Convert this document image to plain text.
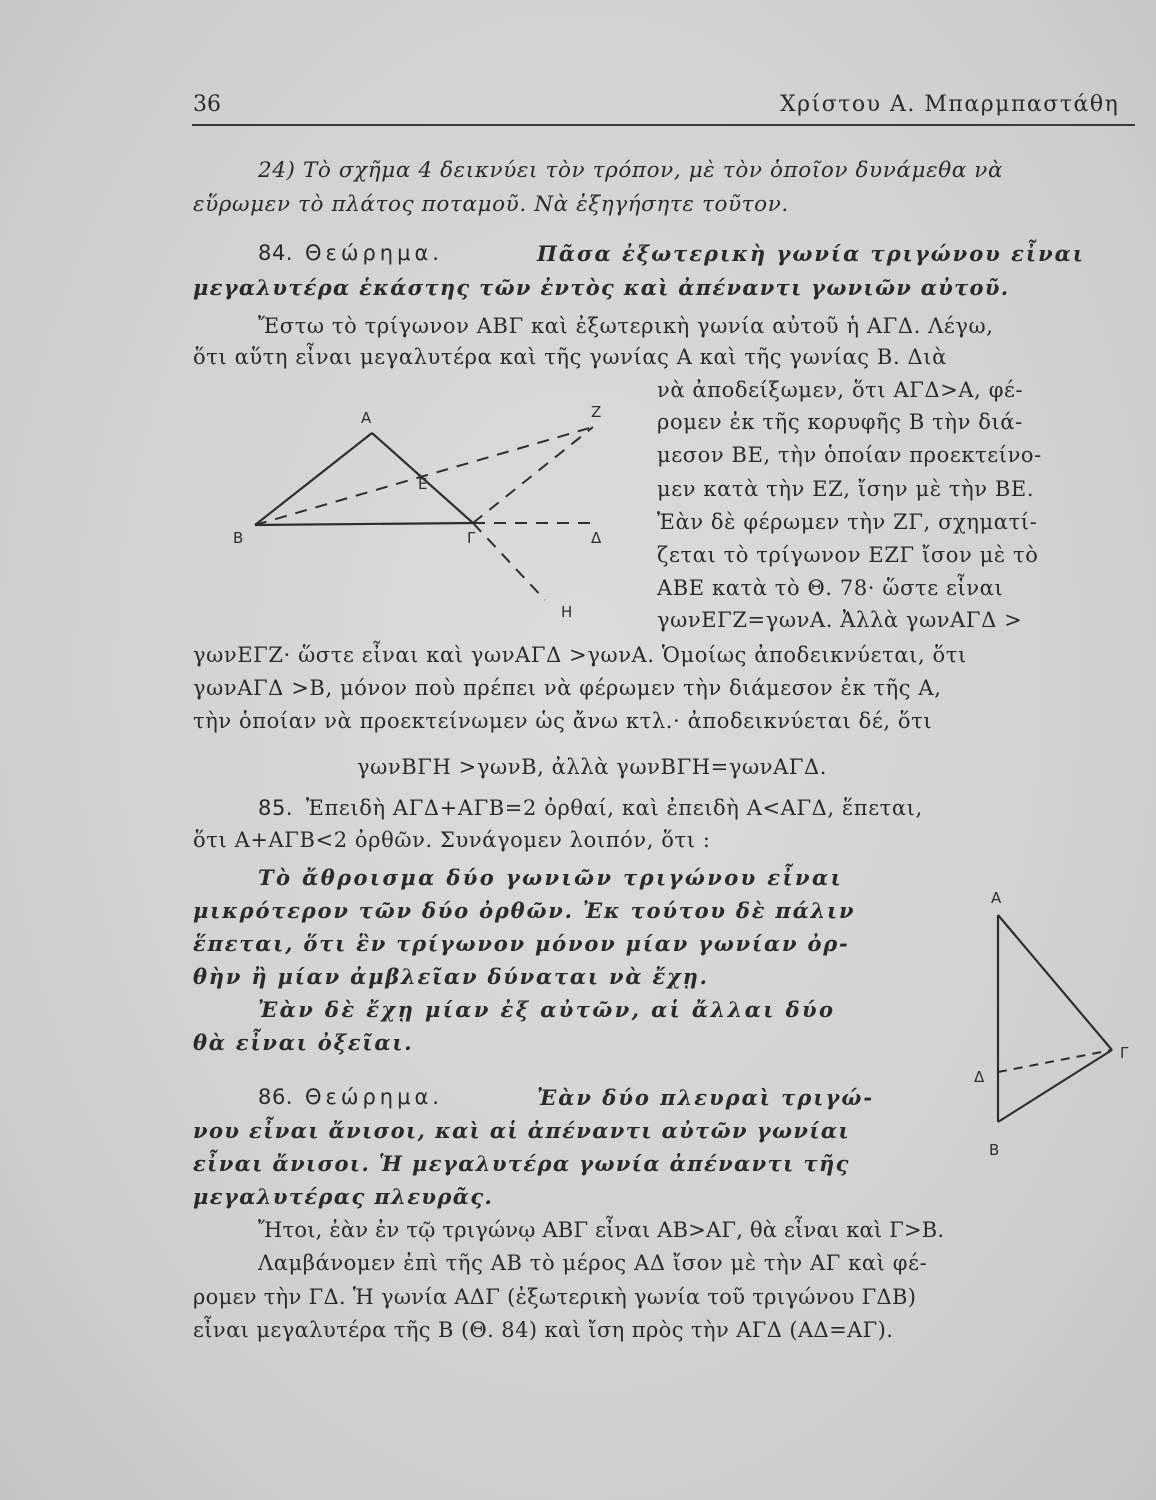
36	Χρίστου Α. Μπαρμπαστάθη
24) Τὸ σχῆμα 4 δεικνύει τὸν τρόπον, μὲ τὸν ὁποῖον δυνάμεθα νὰ
εὕρωμεν τὸ πλάτος ποταμοῦ. Νὰ ἐξηγήσητε τοῦτον.
84. Θεώρημα.	Πᾶσα ἐξωτερικὴ γωνία τριγώνου εἶναι
μεγαλυτέρα ἑκάστης τῶν ἐντὸς καὶ ἀπέναντι γωνιῶν αὐτοῦ.
Ἔστω τὸ τρίγωνον ΑΒΓ καὶ ἐξωτερικὴ γωνία αὐτοῦ ἡ ΑΓΔ. Λέγω,
ὅτι αὕτη εἶναι μεγαλυτέρα καὶ τῆς γωνίας Α καὶ τῆς γωνίας Β. Διὰ
νὰ ἀποδείξωμεν, ὅτι ΑΓΔ>Α, φέ-
ρομεν ἐκ τῆς κορυφῆς Β τὴν διά-
μεσον ΒΕ, τὴν ὁποίαν προεκτείνο-
μεν κατὰ τὴν ΕΖ, ἴσην μὲ τὴν ΒΕ.
Ἐὰν δὲ φέρωμεν τὴν ΖΓ, σχηματί-
ζεται τὸ τρίγωνον ΕΖΓ ἴσον μὲ τὸ
ΑΒΕ κατὰ τὸ Θ. 78· ὥστε εἶναι
γωνΕΓΖ=γωνΑ. Ἀλλὰ γωνΑΓΔ >
A
E
Z
B	Γ	Δ
H
γωνΕΓΖ· ὥστε εἶναι καὶ γωνΑΓΔ >γωνΑ. Ὁμοίως ἀποδεικνύεται, ὅτι
γωνΑΓΔ >Β, μόνον ποὺ πρέπει νὰ φέρωμεν τὴν διάμεσον ἐκ τῆς Α,
τὴν ὁποίαν νὰ προεκτείνωμεν ὡς ἄνω κτλ.· ἀποδεικνύεται δέ, ὅτι
γωνΒΓΗ >γωνΒ, ἀλλὰ γωνΒΓΗ=γωνΑΓΔ.
85. Ἐπειδὴ ΑΓΔ+ΑΓΒ=2 ὀρθαί, καὶ ἐπειδὴ Α<ΑΓΔ, ἕπεται,
ὅτι Α+ΑΓΒ<2 ὀρθῶν. Συνάγομεν λοιπόν, ὅτι :
Τὸ ἄθροισμα δύο γωνιῶν τριγώνου εἶναι
μικρότερον τῶν δύο ὀρθῶν. Ἐκ τούτου δὲ πάλιν
ἕπεται, ὅτι ἓν τρίγωνον μόνον μίαν γωνίαν ὀρ-
θὴν ἢ μίαν ἀμβλεῖαν δύναται νὰ ἔχῃ.
Ἐὰν δὲ ἔχῃ μίαν ἐξ αὐτῶν, αἱ ἄλλαι δύο
θὰ εἶναι ὀξεῖαι.
A
Γ
Δ
B
86. Θεώρημα.	Ἐὰν δύο πλευραὶ τριγώ-
νου εἶναι ἄνισοι, καὶ αἱ ἀπέναντι αὐτῶν γωνίαι
εἶναι ἄνισοι. Ἡ μεγαλυτέρα γωνία ἀπέναντι τῆς
μεγαλυτέρας πλευρᾶς.
Ἤτοι, ἐὰν ἐν τῷ τριγώνῳ ΑΒΓ εἶναι ΑΒ>ΑΓ, θὰ εἶναι καὶ Γ>Β.
Λαμβάνομεν ἐπὶ τῆς ΑΒ τὸ μέρος ΑΔ ἴσον μὲ τὴν ΑΓ καὶ φέ-
ρομεν τὴν ΓΔ. Ἡ γωνία ΑΔΓ (ἐξωτερικὴ γωνία τοῦ τριγώνου ΓΔΒ)
εἶναι μεγαλυτέρα τῆς Β (Θ. 84) καὶ ἴση πρὸς τὴν ΑΓΔ (ΑΔ=ΑΓ).
